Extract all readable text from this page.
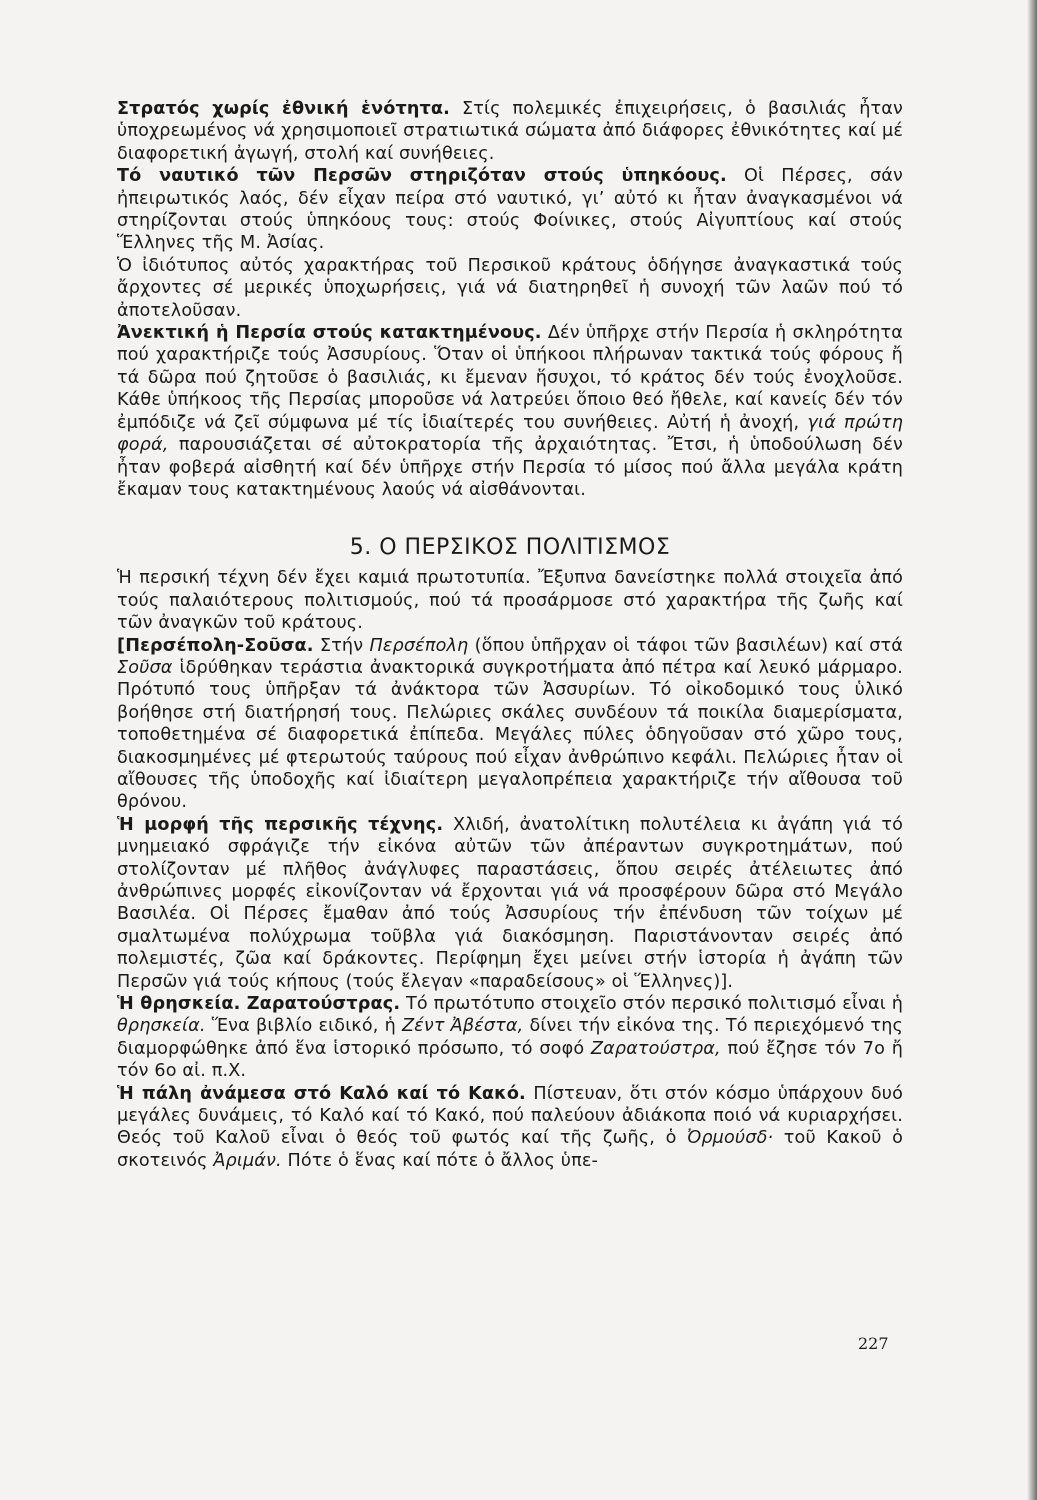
Στρατός χωρίς ἐθνική ἑνότητα. Στίς πολεμικές ἐπιχειρήσεις, ὁ βασιλιάς ἦταν ὑποχρεωμένος νά χρησιμοποιεῖ στρατιωτικά σώματα ἀπό διάφορες ἐθνικότητες καί μέ διαφορετική ἀγωγή, στολή καί συνήθειες.

Τό ναυτικό τῶν Περσῶν στηριζόταν στούς ὑπηκόους. Οἱ Πέρσες, σάν ἠπειρωτικός λαός, δέν εἶχαν πείρα στό ναυτικό, γι’ αὐτό κι ἦταν ἀναγκασμένοι νά στηρίζονται στούς ὑπηκόους τους: στούς Φοίνικες, στούς Αἰγυπτίους καί στούς Ἕλληνες τῆς Μ. Ἀσίας.

Ὁ ἰδιότυπος αὐτός χαρακτήρας τοῦ Περσικοῦ κράτους ὁδήγησε ἀναγκαστικά τούς ἄρχοντες σέ μερικές ὑποχωρήσεις, γιά νά διατηρηθεῖ ἡ συνοχή τῶν λαῶν πού τό ἀποτελοῦσαν.

Ἀνεκτική ἡ Περσία στούς κατακτημένους. Δέν ὑπῆρχε στήν Περσία ἡ σκληρότητα πού χαρακτήριζε τούς Ἀσσυρίους. Ὅταν οἱ ὑπήκοοι πλήρωναν τακτικά τούς φόρους ἤ τά δῶρα πού ζητοῦσε ὁ βασιλιάς, κι ἔμεναν ἥσυχοι, τό κράτος δέν τούς ἐνοχλοῦσε. Κάθε ὑπήκοος τῆς Περσίας μποροῦσε νά λατρεύει ὅποιο θεό ἤθελε, καί κανείς δέν τόν ἐμπόδιζε νά ζεῖ σύμφωνα μέ τίς ἰδιαίτερές του συνήθειες. Αὐτή ἡ ἀνοχή, γιά πρώτη φορά, παρουσιάζεται σέ αὐτοκρατορία τῆς ἀρχαιότητας. Ἔτσι, ἡ ὑποδούλωση δέν ἦταν φοβερά αἰσθητή καί δέν ὑπῆρχε στήν Περσία τό μίσος πού ἄλλα μεγάλα κράτη ἔκαμαν τους κατακτημένους λαούς νά αἰσθάνονται.

5. Ο ΠΕΡΣΙΚΟΣ ΠΟΛΙΤΙΣΜΟΣ

Ἡ περσική τέχνη δέν ἔχει καμιά πρωτοτυπία. Ἔξυπνα δανείστηκε πολλά στοιχεῖα ἀπό τούς παλαιότερους πολιτισμούς, πού τά προσάρμοσε στό χαρακτήρα τῆς ζωῆς καί τῶν ἀναγκῶν τοῦ κράτους.

[Περσέπολη-Σοῦσα. Στήν Περσέπολη (ὅπου ὑπῆρχαν οἱ τάφοι τῶν βασιλέων) καί στά Σοῦσα ἱδρύθηκαν τεράστια ἀνακτορικά συγκροτήματα ἀπό πέτρα καί λευκό μάρμαρο. Πρότυπό τους ὑπῆρξαν τά ἀνάκτορα τῶν Ἀσσυρίων. Τό οἰκοδομικό τους ὑλικό βοήθησε στή διατήρησή τους. Πελώριες σκάλες συνδέουν τά ποικίλα διαμερίσματα, τοποθετημένα σέ διαφορετικά ἐπίπεδα. Μεγάλες πύλες ὁδηγοῦσαν στό χῶρο τους, διακοσμημένες μέ φτερωτούς ταύρους πού εἶχαν ἀνθρώπινο κεφάλι. Πελώριες ἦταν οἱ αἴθουσες τῆς ὑποδοχῆς καί ἰδιαίτερη μεγαλοπρέπεια χαρακτήριζε τήν αἴθουσα τοῦ θρόνου.

Ἡ μορφή τῆς περσικῆς τέχνης. Χλιδή, ἀνατολίτικη πολυτέλεια κι ἀγάπη γιά τό μνημειακό σφράγιζε τήν εἰκόνα αὐτῶν τῶν ἀπέραντων συγκροτημάτων, πού στολίζονταν μέ πλῆθος ἀνάγλυφες παραστάσεις, ὅπου σειρές ἀτέλειωτες ἀπό ἀνθρώπινες μορφές εἰκονίζονταν νά ἔρχονται γιά νά προσφέρουν δῶρα στό Μεγάλο Βασιλέα. Οἱ Πέρσες ἔμαθαν ἀπό τούς Ἀσσυρίους τήν ἐπένδυση τῶν τοίχων μέ σμαλτωμένα πολύχρωμα τοῦβλα γιά διακόσμηση. Παριστάνονταν σειρές ἀπό πολεμιστές, ζῶα καί δράκοντες. Περίφημη ἔχει μείνει στήν ἱστορία ἡ ἀγάπη τῶν Περσῶν γιά τούς κήπους (τούς ἔλεγαν «παραδείσους» οἱ Ἕλληνες)].

Ἡ θρησκεία. Ζαρατούστρας. Τό πρωτότυπο στοιχεῖο στόν περσικό πολιτισμό εἶναι ἡ θρησκεία. Ἕνα βιβλίο ειδικό, ἡ Ζέντ Ἀβέστα, δίνει τήν εἰκόνα της. Τό περιεχόμενό της διαμορφώθηκε ἀπό ἕνα ἱστορικό πρόσωπο, τό σοφό Ζαρατούστρα, πού ἔζησε τόν 7ο ἤ τόν 6ο αἰ. π.Χ.

Ἡ πάλη ἀνάμεσα στό Καλό καί τό Κακό. Πίστευαν, ὅτι στόν κόσμο ὑπάρχουν δυό μεγάλες δυνάμεις, τό Καλό καί τό Κακό, πού παλεύουν ἀδιάκοπα ποιό νά κυριαρχήσει. Θεός τοῦ Καλοῦ εἶναι ὁ θεός τοῦ φωτός καί τῆς ζωῆς, ὁ Ὀρμούσδ· τοῦ Κακοῦ ὁ σκοτεινός Ἀριμάν. Πότε ὁ ἕνας καί πότε ὁ ἄλλος ὑπε-

227
